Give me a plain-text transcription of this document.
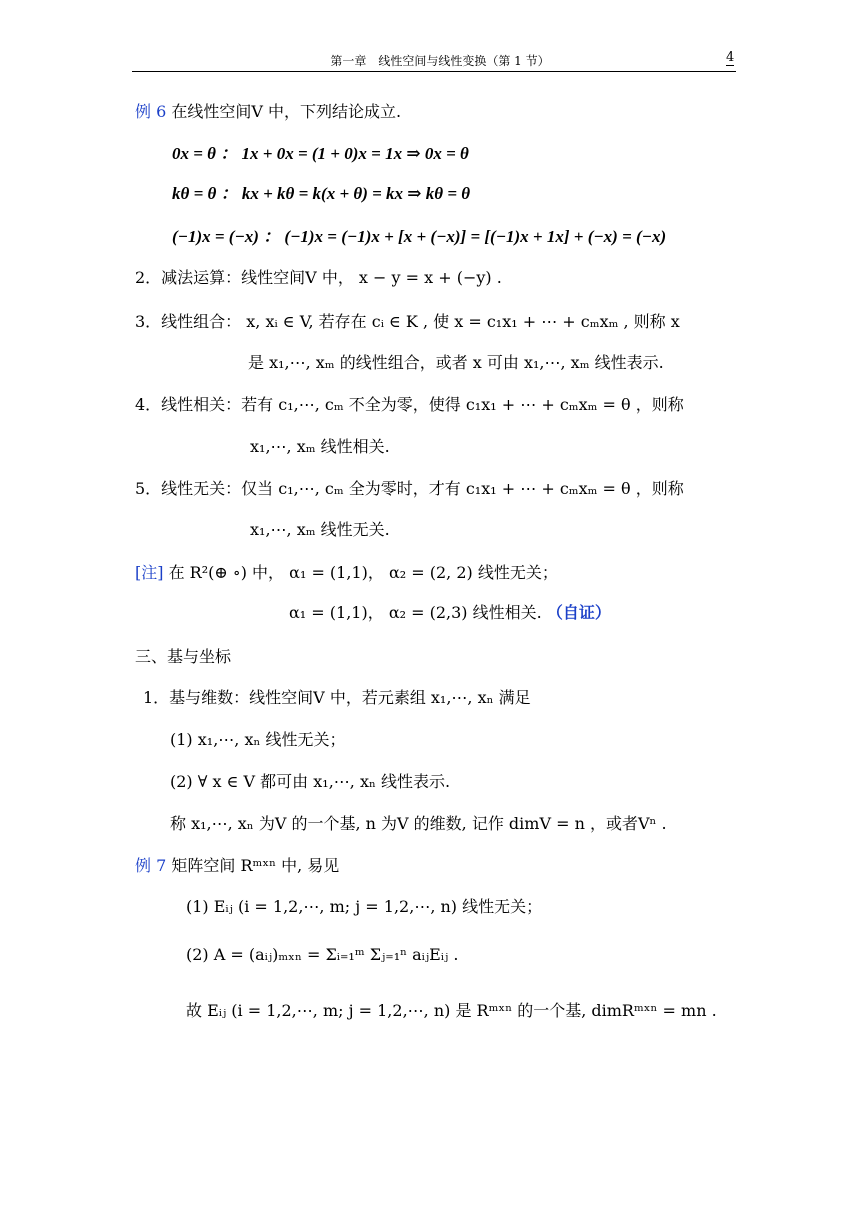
第一章　线性空间与线性变换（第 1 节）	4
例 6 在线性空间V 中，下列结论成立.
0x = θ ： 1x + 0x = (1 + 0)x = 1x ⇒ 0x = θ
kθ = θ ： kx + kθ = k(x + θ) = kx ⇒ kθ = θ
(−1)x = (−x) ： (−1)x = (−1)x + [x + (−x)] = [(−1)x + 1x] + (−x) = (−x)
2．减法运算：线性空间V 中， x − y = x + (−y) .
3．线性组合： x, xᵢ ∈ V, 若存在 cᵢ ∈ K , 使 x = c₁x₁ + ⋯ + cₘxₘ , 则称 x
是 x₁,⋯, xₘ 的线性组合，或者 x 可由 x₁,⋯, xₘ 线性表示.
4．线性相关：若有 c₁,⋯, cₘ 不全为零，使得 c₁x₁ + ⋯ + cₘxₘ = θ ，则称
x₁,⋯, xₘ 线性相关.
5．线性无关：仅当 c₁,⋯, cₘ 全为零时，才有 c₁x₁ + ⋯ + cₘxₘ = θ ，则称
x₁,⋯, xₘ 线性无关.
[注] 在 R²(⊕ ∘) 中， α₁ = (1,1)， α₂ = (2, 2) 线性无关；
α₁ = (1,1)， α₂ = (2,3) 线性相关. （自证）
三、基与坐标
1．基与维数：线性空间V 中，若元素组 x₁,⋯, xₙ 满足
(1) x₁,⋯, xₙ 线性无关；
(2) ∀ x ∈ V 都可由 x₁,⋯, xₙ 线性表示.
称 x₁,⋯, xₙ 为V 的一个基, n 为V 的维数, 记作 dimV = n ，或者Vⁿ .
例 7 矩阵空间 Rᵐˣⁿ 中, 易见
(1) Eᵢⱼ (i = 1,2,⋯, m; j = 1,2,⋯, n) 线性无关；
(2) A = (aᵢⱼ)ₘₓₙ = Σᵢ₌₁ᵐ Σⱼ₌₁ⁿ aᵢⱼEᵢⱼ .
故 Eᵢⱼ (i = 1,2,⋯, m; j = 1,2,⋯, n) 是 Rᵐˣⁿ 的一个基, dimRᵐˣⁿ = mn .
